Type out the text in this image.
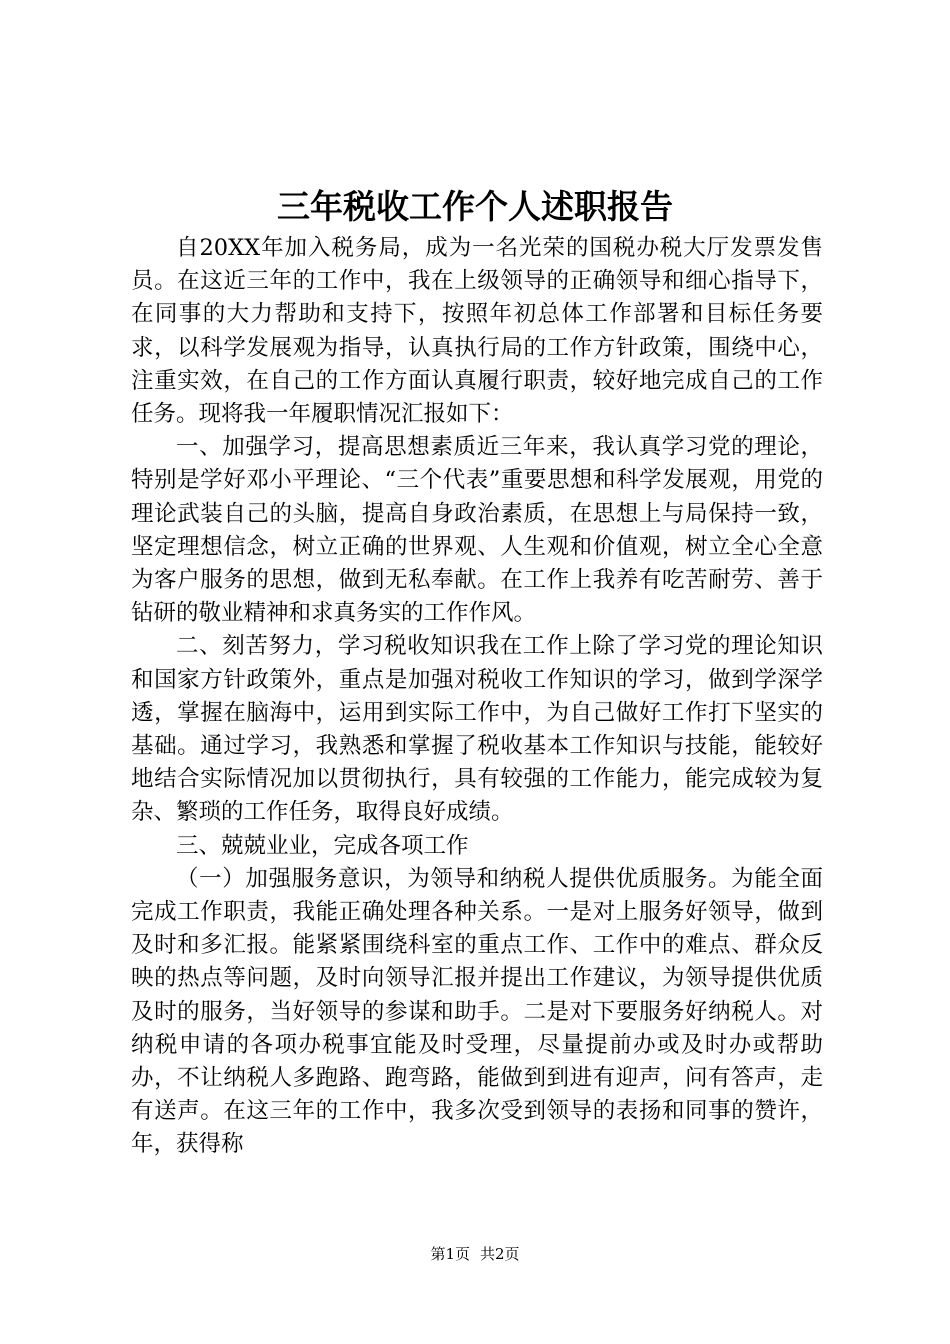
三年税收工作个人述职报告

自20XX年加入税务局，成为一名光荣的国税办税大厅发票发售员。在这近三年的工作中，我在上级领导的正确领导和细心指导下，在同事的大力帮助和支持下，按照年初总体工作部署和目标任务要求，以科学发展观为指导，认真执行局的工作方针政策，围绕中心，注重实效，在自己的工作方面认真履行职责，较好地完成自己的工作任务。现将我一年履职情况汇报如下：

一、加强学习，提高思想素质近三年来，我认真学习党的理论，特别是学好邓小平理论、“三个代表”重要思想和科学发展观，用党的理论武装自己的头脑，提高自身政治素质，在思想上与局保持一致，坚定理想信念，树立正确的世界观、人生观和价值观，树立全心全意为客户服务的思想，做到无私奉献。在工作上我养有吃苦耐劳、善于钻研的敬业精神和求真务实的工作作风。

二、刻苦努力，学习税收知识我在工作上除了学习党的理论知识和国家方针政策外，重点是加强对税收工作知识的学习，做到学深学透，掌握在脑海中，运用到实际工作中，为自己做好工作打下坚实的基础。通过学习，我熟悉和掌握了税收基本工作知识与技能，能较好地结合实际情况加以贯彻执行，具有较强的工作能力，能完成较为复杂、繁琐的工作任务，取得良好成绩。

三、兢兢业业，完成各项工作

（一）加强服务意识，为领导和纳税人提供优质服务。为能全面完成工作职责，我能正确处理各种关系。一是对上服务好领导，做到及时和多汇报。能紧紧围绕科室的重点工作、工作中的难点、群众反映的热点等问题，及时向领导汇报并提出工作建议，为领导提供优质及时的服务，当好领导的参谋和助手。二是对下要服务好纳税人。对纳税申请的各项办税事宜能及时受理，尽量提前办或及时办或帮助办，不让纳税人多跑路、跑弯路，能做到到进有迎声，问有答声，走有送声。在这三年的工作中，我多次受到领导的表扬和同事的赞许，年，获得称

第1页 共2页
